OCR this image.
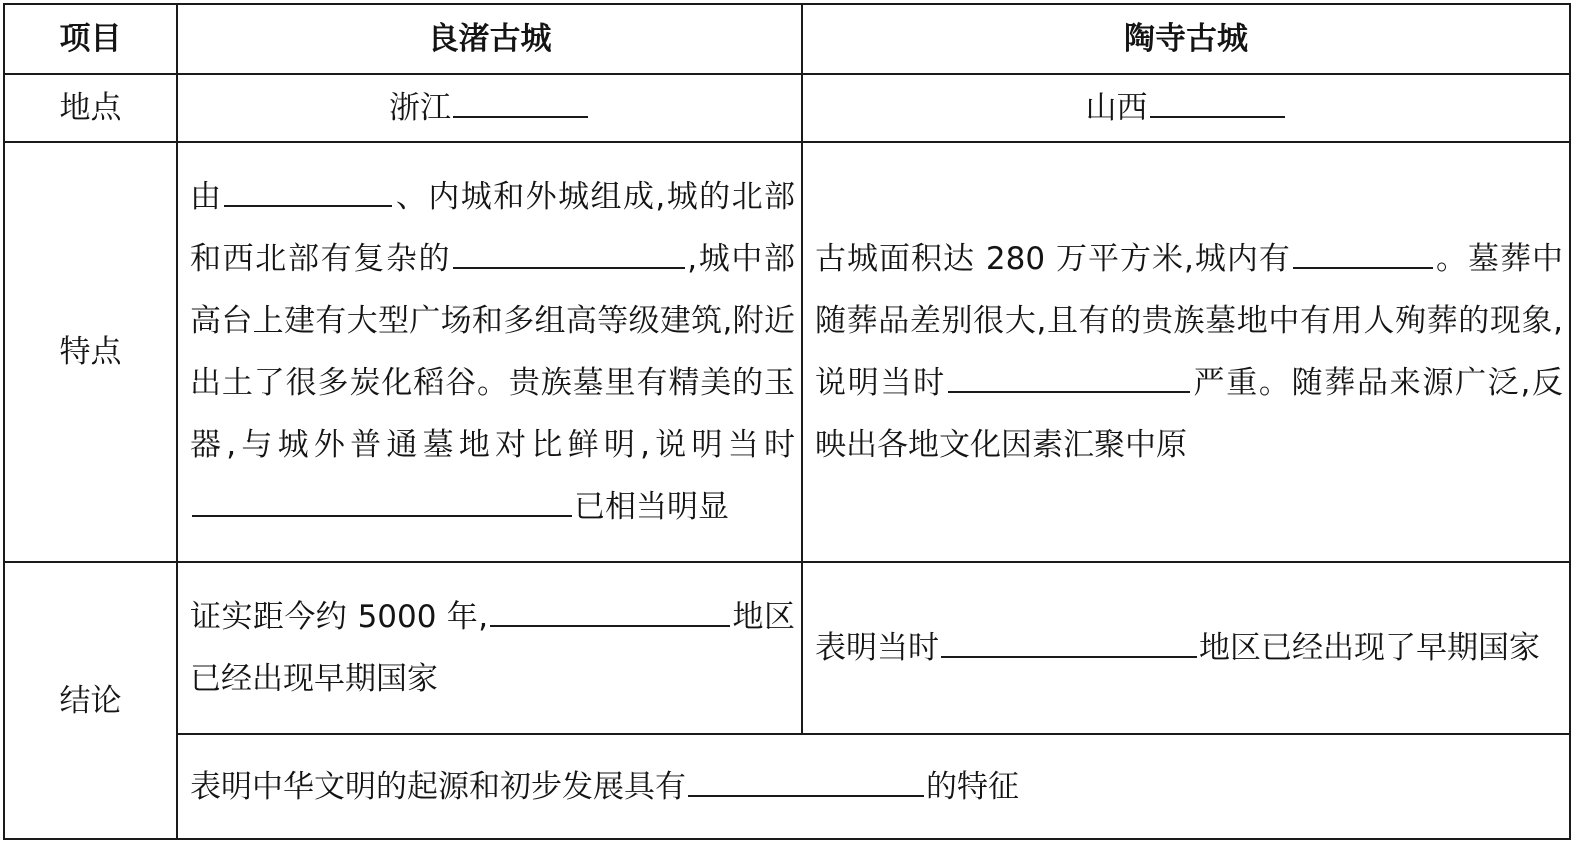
项目	良渚古城	陶寺古城
地点	浙江	山西
特点	由 、内城和外城组成,城的北部和西北部有复杂的 ,城中部高台上建有大型广场和多组高等级建筑,附近出土了很多炭化稻谷。贵族墓里有精美的玉器,与城外普通墓地对比鲜明,说明当时已相当明显	古城面积达 280 万平方米,城内有 。墓葬中随葬品差别很大,且有的贵族墓地中有用人殉葬的现象,说明当时 严重。随葬品来源广泛,反映出各地文化因素汇聚中原

结论	证实距今约 5000 年, 地区已经出现早期国家	表明当时 地区已经出现了早期国家

	表明中华文明的起源和初步发展具有 的特征	
